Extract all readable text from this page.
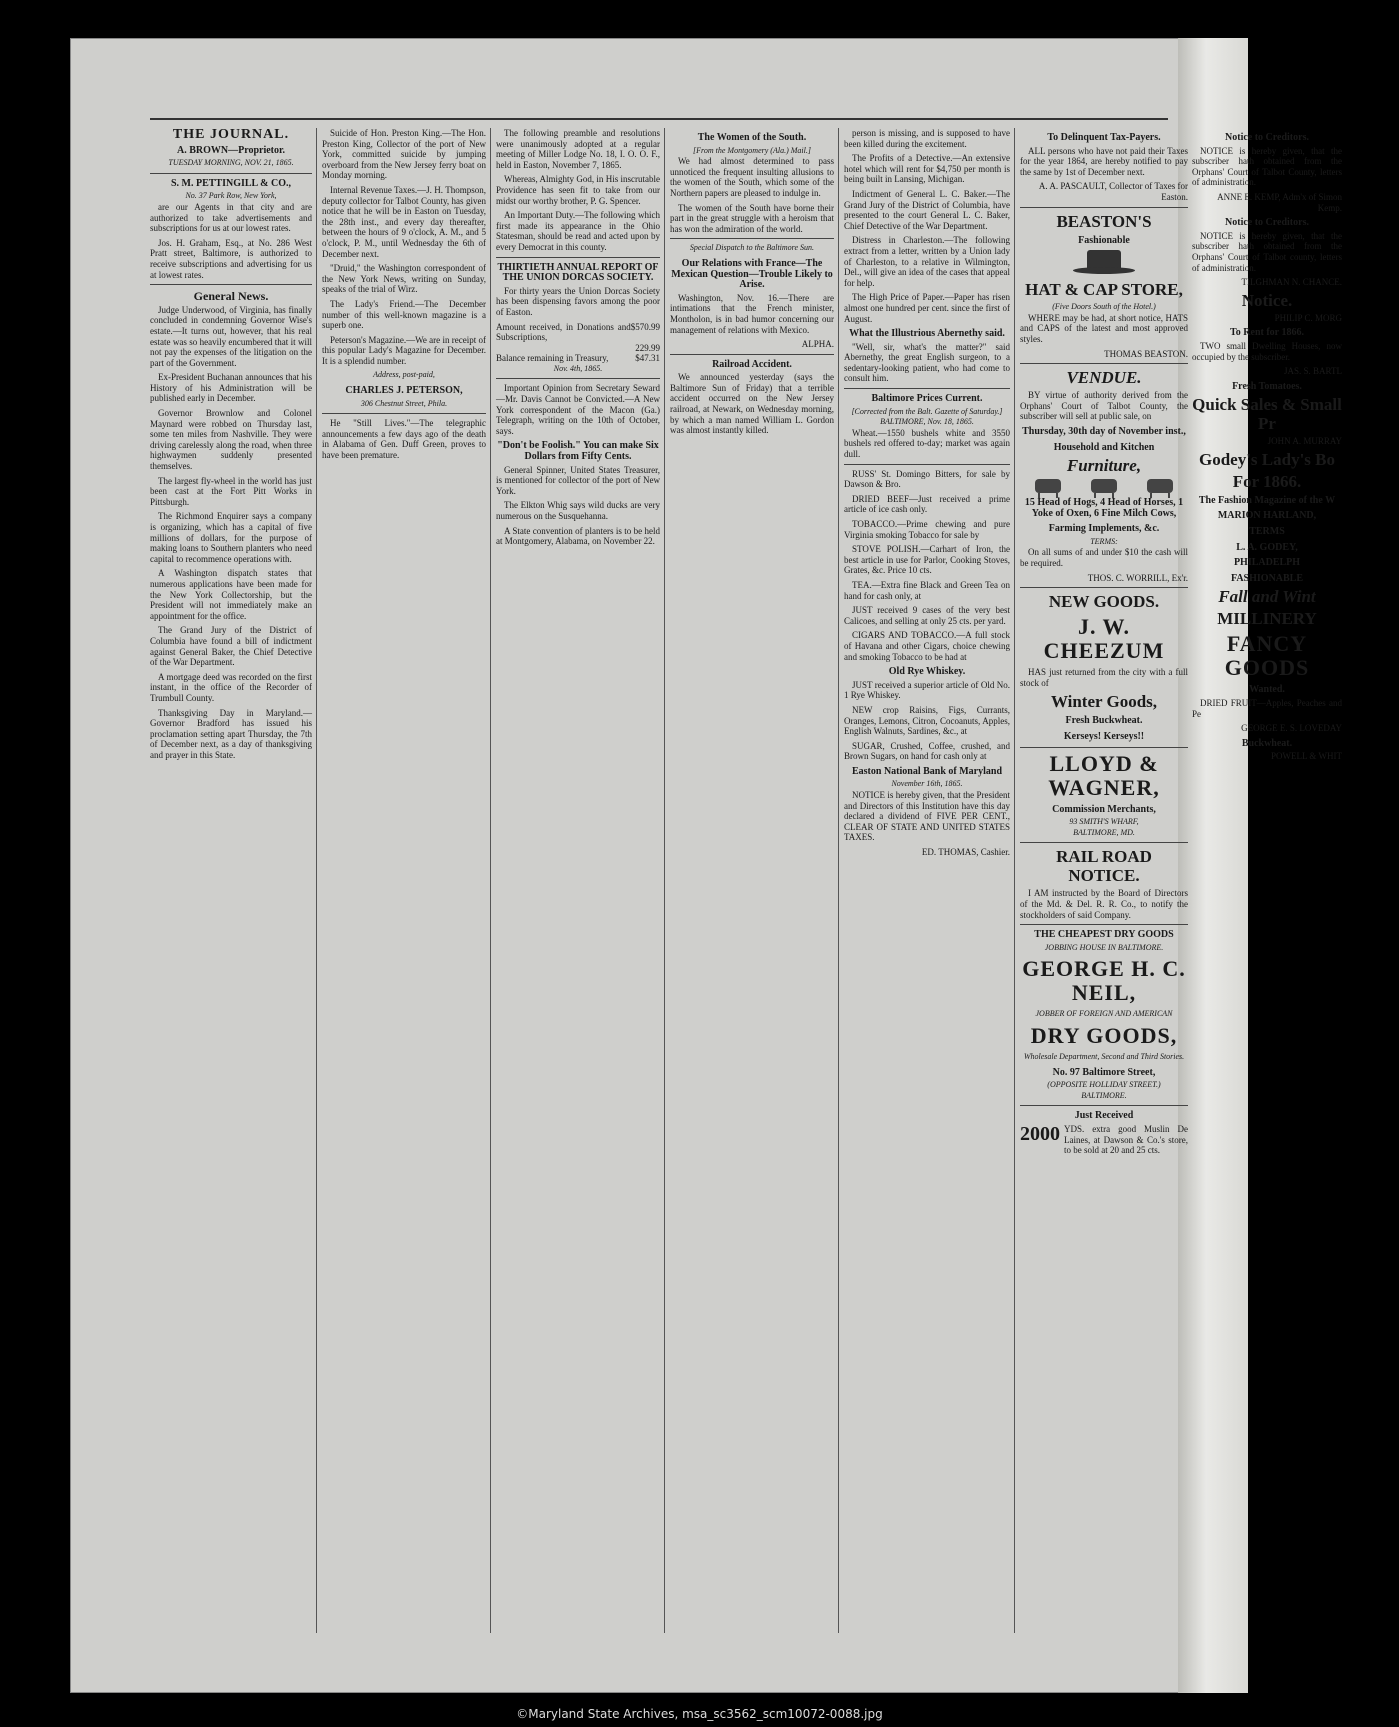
THE JOURNAL.
A. BROWN—Proprietor.
TUESDAY MORNING, NOV. 21, 1865.
S. M. PETTINGILL & CO.,
No. 37 Park Row, New York,

are our Agents in that city and are authorized to take advertisements and subscriptions for us at our lowest rates.

Jos. H. Graham, Esq., at No. 286 West Pratt street, Baltimore, is authorized to receive subscriptions and advertising for us at lowest rates.

General News.

Judge Underwood, of Virginia, has finally concluded in condemning Governor Wise's estate.—It turns out, however, that his real estate was so heavily encumbered that it will not pay the expenses of the litigation on the part of the Government.

Ex-President Buchanan announces that his History of his Administration will be published early in December.

Governor Brownlow and Colonel Maynard were robbed on Thursday last, some ten miles from Nashville. They were driving carelessly along the road, when three highwaymen suddenly presented themselves.

The largest fly-wheel in the world has just been cast at the Fort Pitt Works in Pittsburgh.

The Richmond Enquirer says a company is organizing, which has a capital of five millions of dollars, for the purpose of making loans to Southern planters who need capital to recommence operations with.

A Washington dispatch states that numerous applications have been made for the New York Collectorship, but the President will not immediately make an appointment for the office.

The Grand Jury of the District of Columbia have found a bill of indictment against General Baker, the Chief Detective of the War Department.

A mortgage deed was recorded on the first instant, in the office of the Recorder of Trumbull County.

Thanksgiving Day in Maryland.—Governor Bradford has issued his proclamation setting apart Thursday, the 7th of December next, as a day of thanksgiving and prayer in this State.

Suicide of Hon. Preston King.—The Hon. Preston King, Collector of the port of New York, committed suicide by jumping overboard from the New Jersey ferry boat on Monday morning.

Internal Revenue Taxes.—J. H. Thompson, deputy collector for Talbot County, has given notice that he will be in Easton on Tuesday, the 28th inst., and every day thereafter, between the hours of 9 o'clock, A. M., and 5 o'clock, P. M., until Wednesday the 6th of December next.

"Druid," the Washington correspondent of the New York News, writing on Sunday, speaks of the trial of Wirz.

The Lady's Friend.—The December number of this well-known magazine is a superb one.

Peterson's Magazine.—We are in receipt of this popular Lady's Magazine for December. It is a splendid number.

Address, post-paid,
CHARLES J. PETERSON,
306 Chestnut Street, Phila.

He "Still Lives."—The telegraphic announcements a few days ago of the death in Alabama of Gen. Duff Green, proves to have been premature.

The following preamble and resolutions were unanimously adopted at a regular meeting of Miller Lodge No. 18, I. O. O. F., held in Easton, November 7, 1865.

Whereas, Almighty God, in His inscrutable Providence has seen fit to take from our midst our worthy brother, P. G. Spencer.

An Important Duty.—The following which first made its appearance in the Ohio Statesman, should be read and acted upon by every Democrat in this county.

THIRTIETH ANNUAL REPORT OF THE UNION DORCAS SOCIETY.

For thirty years the Union Dorcas Society has been dispensing favors among the poor of Easton.

Amount received, in Donations and Subscriptions,
$570.99
229.99
Balance remaining in Treasury,	$47.31
Nov. 4th, 1865.

Important Opinion from Secretary Seward—Mr. Davis Cannot be Convicted.—A New York correspondent of the Macon (Ga.) Telegraph, writing on the 10th of October, says.

"Don't be Foolish." You can make Six Dollars from Fifty Cents.

General Spinner, United States Treasurer, is mentioned for collector of the port of New York.

The Elkton Whig says wild ducks are very numerous on the Susquehanna.

A State convention of planters is to be held at Montgomery, Alabama, on November 22.

The Women of the South.
[From the Montgomery (Ala.) Mail.]

We had almost determined to pass unnoticed the frequent insulting allusions to the women of the South, which some of the Northern papers are pleased to indulge in.

The women of the South have borne their part in the great struggle with a heroism that has won the admiration of the world.

Special Dispatch to the Baltimore Sun.
Our Relations with France—The Mexican Question—Trouble Likely to Arise.

Washington, Nov. 16.—There are intimations that the French minister, Montholon, is in bad humor concerning our management of relations with Mexico.

ALPHA.
Railroad Accident.

We announced yesterday (says the Baltimore Sun of Friday) that a terrible accident occurred on the New Jersey railroad, at Newark, on Wednesday morning, by which a man named William L. Gordon was almost instantly killed.

person is missing, and is supposed to have been killed during the excitement.

The Profits of a Detective.—An extensive hotel which will rent for $4,750 per month is being built in Lansing, Michigan.

Indictment of General L. C. Baker.—The Grand Jury of the District of Columbia, have presented to the court General L. C. Baker, Chief Detective of the War Department.

Distress in Charleston.—The following extract from a letter, written by a Union lady of Charleston, to a relative in Wilmington, Del., will give an idea of the cases that appeal for help.

The High Price of Paper.—Paper has risen almost one hundred per cent. since the first of August.

What the Illustrious Abernethy said.

"Well, sir, what's the matter?" said Abernethy, the great English surgeon, to a sedentary-looking patient, who had come to consult him.

Baltimore Prices Current.
[Corrected from the Balt. Gazette of Saturday.]
BALTIMORE, Nov. 18, 1865.

Wheat.—1550 bushels white and 3550 bushels red offered to-day; market was again dull.

RUSS' St. Domingo Bitters, for sale by Dawson & Bro.

DRIED BEEF—Just received a prime article of ice cash only.

TOBACCO.—Prime chewing and pure Virginia smoking Tobacco for sale by

STOVE POLISH.—Carhart of Iron, the best article in use for Parlor, Cooking Stoves, Grates, &c. Price 10 cts.

TEA.—Extra fine Black and Green Tea on hand for cash only, at

JUST received 9 cases of the very best Calicoes, and selling at only 25 cts. per yard.

CIGARS AND TOBACCO.—A full stock of Havana and other Cigars, choice chewing and smoking Tobacco to be had at

Old Rye Whiskey.

JUST received a superior article of Old No. 1 Rye Whiskey.

NEW crop Raisins, Figs, Currants, Oranges, Lemons, Citron, Cocoanuts, Apples, English Walnuts, Sardines, &c., at

SUGAR, Crushed, Coffee, crushed, and Brown Sugars, on hand for cash only at

Easton National Bank of Maryland
November 16th, 1865.

NOTICE is hereby given, that the President and Directors of this Institution have this day declared a dividend of FIVE PER CENT., CLEAR OF STATE AND UNITED STATES TAXES.

ED. THOMAS, Cashier.
To Delinquent Tax-Payers.

ALL persons who have not paid their Taxes for the year 1864, are hereby notified to pay the same by 1st of December next.

A. A. PASCAULT, Collector of Taxes for Easton.
BEASTON'S
Fashionable
HAT & CAP STORE,
(Five Doors South of the Hotel.)

WHERE may be had, at short notice, HATS and CAPS of the latest and most approved styles.

THOMAS BEASTON.
VENDUE.

BY virtue of authority derived from the Orphans' Court of Talbot County, the subscriber will sell at public sale, on

Thursday, 30th day of November inst.,
Household and Kitchen
Furniture,
15 Head of Hogs, 4 Head of Horses, 1 Yoke of Oxen, 6 Fine Milch Cows,
Farming Implements, &c.
TERMS:

On all sums of and under $10 the cash will be required.

THOS. C. WORRILL, Ex'r.
NEW GOODS.
J. W. CHEEZUM

HAS just returned from the city with a full stock of

Winter Goods,
Fresh Buckwheat.
Kerseys! Kerseys!!
LLOYD & WAGNER,
Commission Merchants,
93 SMITH'S WHARF,
BALTIMORE, MD.
RAIL ROAD NOTICE.

I AM instructed by the Board of Directors of the Md. & Del. R. R. Co., to notify the stockholders of said Company.

THE CHEAPEST DRY GOODS
JOBBING HOUSE IN BALTIMORE.
GEORGE H. C. NEIL,
JOBBER OF FOREIGN AND AMERICAN
DRY GOODS,
Wholesale Department, Second and Third Stories.
No. 97 Baltimore Street,
(OPPOSITE HOLLIDAY STREET.)
BALTIMORE.
Just Received
2000 YDS. extra good Muslin De Laines, at Dawson & Co.'s store, to be sold at 20 and 25 cts.
Notice to Creditors.

NOTICE is hereby given, that the subscriber hath obtained from the Orphans' Court of Talbot County, letters of administration.

ANNE E. KEMP, Adm'x of Simon Kemp.
Notice to Creditors.

NOTICE is hereby given, that the subscriber hath obtained from the Orphans' Court of Talbot county, letters of administration.

TILGHMAN N. CHANCE.
Notice.
PHILIP C. MORG
To Rent for 1866.

TWO small Dwelling Houses, now occupied by the subscriber.

JAS. S. BARTL
Fresh Tomatoes.
Quick Sales & Small Pr
JOHN A. MURRAY
Godey's Lady's Bo
For 1866.
The Fashion Magazine of the W
MARION HARLAND,
TERMS
L. A. GODEY,
PHILADELPH
FASHIONABLE
Fall and Wint
MILLINERY
FANCY GOODS
Wanted.

DRIED FRUIT—Apples, Peaches and Pe

GEORGE E. S. LOVEDAY
Buckwheat.
POWELL & WHIT
©Maryland State Archives, msa_sc3562_scm10072-0088.jpg
